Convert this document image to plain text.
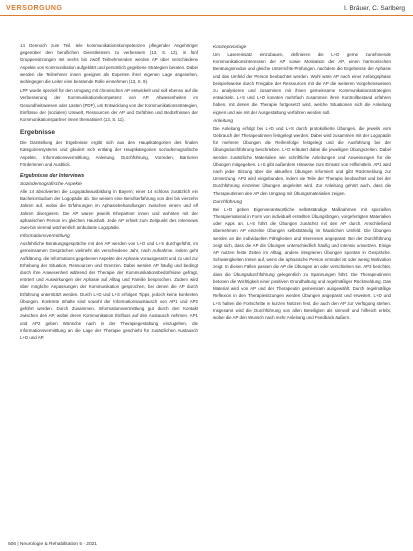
VERSORGUNG	I. Bräuer, C. Sarlberg

14 Dennoch zum Teil. tele kommunikationskompetenzen pflegender Angehöriger gegenüber den beruflichen Dienstleistern zu verbessern (13, S. 12), in fünf Gruppensitzungen mit sechs bis zwölf Teilnehmenden werden AP über verschiedene Aspekte von Kommunikation aufgeklärt und persönlich gegebene Strategien beraten. Dabei werden die Teilnehmer innen geeignet als Experten ihrer eigenen Lage angesehen, wohingegen die Leiter eine beratende Rolle einnehmen (13, S. 9).

LPF wurde speziell für den Umgang mit chronischen AP entwickelt und soll ebenso auf die Verbesserung der Kommunikationskompetenz von AP. Abwesenheiten im Gesundheitswesen oder Lasten (PDF), um Entwicklung von der Kommunikationsstrategien, Einflüsse der (sozialen) Umwelt, Ressourcen der AP und Gefühlen und Bedürfnissen der Kommunikationspartner innen thematisiert (13, S. 11).

Ergebnisse

Die Darstellung der Ergebnisse ergibt sich aus den Hauptkategorien des finalen Kategoriensystems und gliedert sich entlang der Hauptkategorien soziodemografische Aspekte, Informationsvermittlung, Anleitung, Durchführung, Vorreden, Barrieren Förderinnen und Ausblick.

Ergebnisse der Interviews
Soziodemografische Aspekte

Alle 14 absolvierten die Logopädieausbildung in Bayern; einer 14 schloss zusätzlich ein Bachelorstudium der Logopädie ab. Sie weisen eine Berufserfahrung von drei bis vierzehn Jahren auf, wobei die Erfahrungen im Aphasiebehandlungen zwischen einem und elf Jahren divergieren. Die AP waren jeweils Ehepartner innen und wohnten mit der aphasischen Person im gleichen Haushalt. Jede AP erhielt zum Zeitpunkt des Interviews zwei-bis viermal wöchentlich ambulante Logopädie.

Informationsvermittlung

Ausführliche Beratungsgespräche mit den AP werden von L+D und L+S durchgeführt, im gemeinsamen Gesprächen vielmehr als verschiedene Jahr, nach Aufnahme, indem geht Aufklärung, die Informations gegebenen Aspekte der Aphasie vorausgesetzt und zu und zur Erhebung der Situation, Ressourcen und Grenzen. Dabei werden AP häufig und bedingt durch ihre Anwesenheit während der Therapie der Kommunikationsbedürfnisse gefragt, erörtert und Auswirkungen der Aphasie auf Alltag und Familie besprochen. Zudem wird über mögliche Anpassungen der Kommunikation gesprochen, bei denen die AP durch Erfahrung unterstützt werden. Durch L+D und L+S erfolgen Tipps, jedoch keine konkreten Übungen. Konkrete Inhalte sind sowohl der Informationsaustausch von AP1 und AP2 geführt werden. Durch Zusammen, Informationsvermittlung gut durch den Kontakt zwischen den AP, wobei deren Kommunikation Einfluss auf den Austausch nehmen. AP1 und AP2 geben Wünsche nach in der Therapiegestaltung einzugehen, die Informationsvermittlung an die Lage der Therapie geschieht für zusätzlichen Austausch L+D und AP.

Konzeptvorlage

Um Lasereinsatz einzubauen, definieren die L+D gerne zunehmende Kommunikationsinteressen der AP sowie Motivation der AP, einen harmonischen Beratungsmodus und gleiche Unterrichts-Prüfungen, nachdem die Ergebnisse der Aphasie und das Umfeld der Person beobachtet werden. Wohl wäre AP nach einer Anfangsphase beispielsweise durch Freigabe der Ressourcen mit die AP die weiteren Vorgehensweisen zu analysieren und zusammen mit ihnen gemeinsame Kommunikationsstrategien entwickeln. L+S und L+D konnten mehrfach zusammen ihren Kontrollbestand erfahren haben, mit denen die Therapie fortgesetzt wird, welche Situationen sich die Anleitung eignen und wie mit der Ausgestaltung verfahren werden soll.

Anleitung

Die Anleitung erfolgt bei L+D und L+S durch protokollierte Übungen, die jeweils vom Gebrauch der Therapeutinnen festgelegt werden. Dabei wird zusammen mit der Logopädin für mehrere Übungen die Reihenfolge festgelegt und die Ausführung bei der Übungsdurchführung beschrieben. L+D erläutert dabei die jeweiligen Übungszeiten. Dabei werden zusätzliche Materialien wie schriftliche Anleitungen und Anweisungen für die Übungen mitgegeben. L+S gibt außerdem Hinweise zum Einsatz von Hilfsmitteln. AP1 wird nach jeder Sitzung über die aktuellen Übungen informiert und gibt Rückmeldung zur Umsetzung. AP2 wird eingebunden, indem sie Teile der Therapie beobachtet und bei der Durchführung einzelner Übungen angeleitet wird. Zur Anleitung gehört auch, dass die Therapeutinnen den AP den Umgang mit Übungsmaterialien zeigen.

Durchführung

Bei L+D geben Eigenverantwortliche selbstständige Maßnahmen mit speziellen Therapiematerial in Form von individuell erstellten Übungsbögen, vorgefertigten Materialien oder Apps an. L+S führt die Übungen zunächst mit den AP durch. Anschließend übernehmen AP einzelne Übungen selbstständig im häuslichen Umfeld. Die Übungen werden an die individuellen Fähigkeiten und Interessen angepasst. Bei der Durchführung zeigt sich, dass die AP die Übungen unterschiedlich häufig und intensiv umsetzen. Einige AP nutzen feste Zeiten im Alltag, andere integrieren Übungen spontan in Gespräche. Schwierigkeiten treten auf, wenn die aphasische Person ermüdet ist oder wenig Motivation zeigt. In diesen Fällen passen die AP die Übungen an oder verschieben sie. AP2 berichtet, dass die Übungsdurchführung gelegentlich zu Spannungen führt. Die Therapeutinnen betonen die Wichtigkeit einer positiven Grundhaltung und regelmäßiger Rückmeldung. Das Material wird von AP und der Therapeutin gemeinsam ausgewählt. Durch regelmäßige Reflexion in den Therapiesitzungen werden Übungen angepasst und erweitert. L+D und L+S halten die Fortschritte in kurzen Notizen fest, die auch den AP zur Verfügung stehen. Insgesamt wird die Durchführung von allen Beteiligten als sinnvoll und hilfreich erlebt, wobei die AP den Wunsch nach mehr Anleitung und Feedback äußern.

506 | Neurologie & Rehabilitation 5 · 2021
